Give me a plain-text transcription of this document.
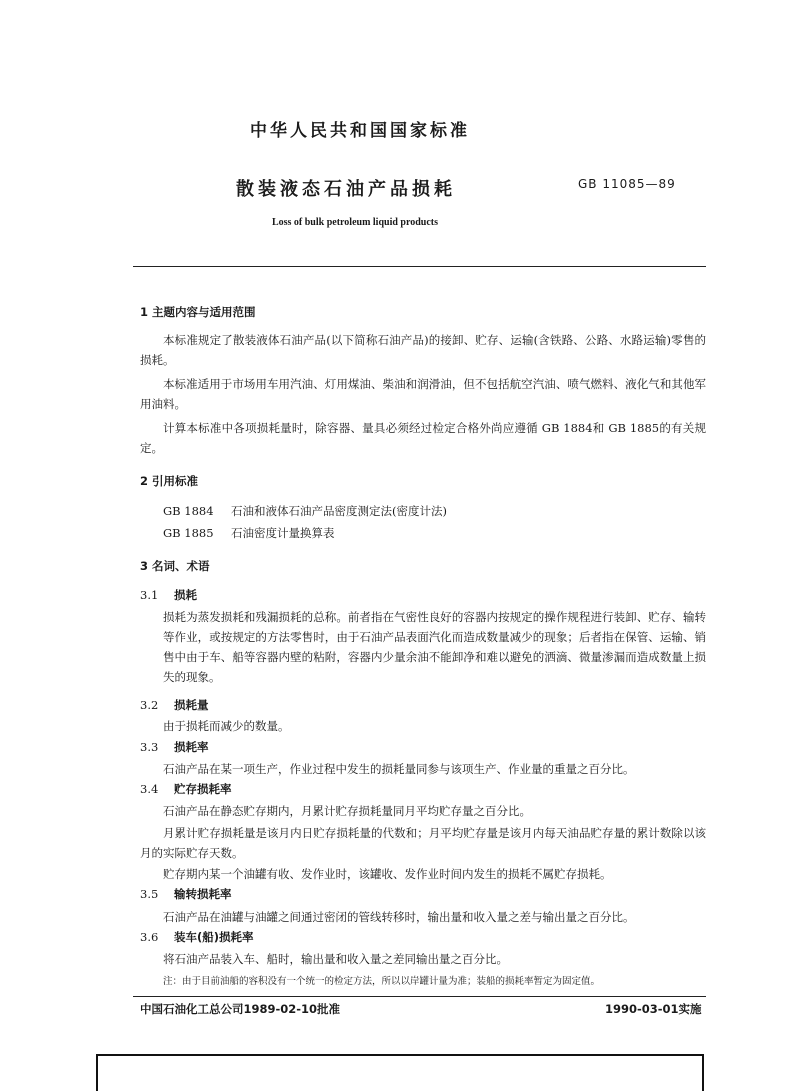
中华人民共和国国家标准
散装液态石油产品损耗	GB 11085—89
Loss of bulk petroleum liquid products
1 主题内容与适用范围
本标准规定了散装液体石油产品(以下简称石油产品)的接卸、贮存、运输(含铁路、公路、水路运输)零售的损耗。
本标准适用于市场用车用汽油、灯用煤油、柴油和润滑油，但不包括航空汽油、喷气燃料、液化气和其他军用油料。
计算本标准中各项损耗量时，除容器、量具必须经过检定合格外尚应遵循 GB 1884和 GB 1885的有关规定。
2 引用标准
GB 1884 石油和液体石油产品密度测定法(密度计法)
GB 1885 石油密度计量换算表
3 名词、术语
3.1 损耗
损耗为蒸发损耗和残漏损耗的总称。前者指在气密性良好的容器内按规定的操作规程进行装卸、贮存、输转等作业，或按规定的方法零售时，由于石油产品表面汽化而造成数量减少的现象；后者指在保管、运输、销售中由于车、船等容器内壁的粘附，容器内少量余油不能卸净和难以避免的洒滴、微量渗漏而造成数量上损失的现象。
3.2 损耗量
由于损耗而减少的数量。
3.3 损耗率
石油产品在某一项生产，作业过程中发生的损耗量同参与该项生产、作业量的重量之百分比。
3.4 贮存损耗率
石油产品在静态贮存期内，月累计贮存损耗量同月平均贮存量之百分比。
月累计贮存损耗量是该月内日贮存损耗量的代数和；月平均贮存量是该月内每天油品贮存量的累计数除以该月的实际贮存天数。
贮存期内某一个油罐有收、发作业时，该罐收、发作业时间内发生的损耗不属贮存损耗。
3.5 输转损耗率
石油产品在油罐与油罐之间通过密闭的管线转移时，输出量和收入量之差与输出量之百分比。
3.6 装车(船)损耗率
将石油产品装入车、船时，输出量和收入量之差同输出量之百分比。
注：由于目前油船的容积没有一个统一的检定方法，所以以岸罐计量为准；装船的损耗率暂定为固定值。
中国石油化工总公司1989-02-10批准	1990-03-01实施
